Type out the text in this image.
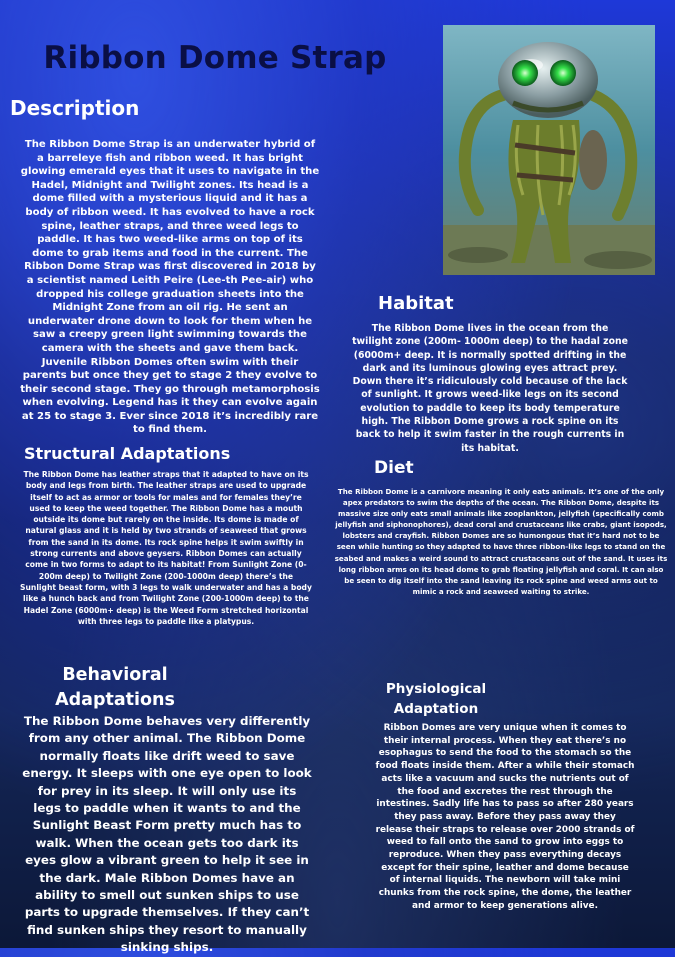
Ribbon Dome Strap
Description

The Ribbon Dome Strap is an underwater hybrid of a barreleye fish and ribbon weed. It has bright glowing emerald eyes that it uses to navigate in the Hadel, Midnight and Twilight zones. Its head is a dome filled with a mysterious liquid and it has a body of ribbon weed. It has evolved to have a rock spine, leather straps, and three weed legs to paddle. It has two weed-like arms on top of its dome to grab items and food in the current. The Ribbon Dome Strap was first discovered in 2018 by a scientist named Leith Peire (Lee-th Pee-air) who dropped his college graduation sheets into the Midnight Zone from an oil rig. He sent an underwater drone down to look for them when he saw a creepy green light swimming towards the camera with the sheets and gave them back. Juvenile Ribbon Domes often swim with their parents but once they get to stage 2 they evolve to their second stage. They go through metamorphosis when evolving. Legend has it they can evolve again at 25 to stage 3. Ever since 2018 it’s incredibly rare to find them.

Habitat

The Ribbon Dome lives in the ocean from the twilight zone (200m- 1000m deep) to the hadal zone (6000m+ deep. It is normally spotted drifting in the dark and its luminous glowing eyes attract prey. Down there it’s ridiculously cold because of the lack of sunlight. It grows weed-like legs on its second evolution to paddle to keep its body temperature high. The Ribbon Dome grows a rock spine on its back to help it swim faster in the rough currents in its habitat.

Structural Adaptations

The Ribbon Dome has leather straps that it adapted to have on its body and legs from birth. The leather straps are used to upgrade itself to act as armor or tools for males and for females they’re used to keep the weed together. The Ribbon Dome has a mouth outside its dome but rarely on the inside. Its dome is made of natural glass and it is held by two strands of seaweed that grows from the sand in its dome. Its rock spine helps it swim swiftly in strong currents and above geysers. Ribbon Domes can actually come in two forms to adapt to its habitat! From Sunlight Zone (0-200m deep) to Twilight Zone (200-1000m deep) there’s the Sunlight beast form, with 3 legs to walk underwater and has a body like a hunch back and from Twilight Zone (200-1000m deep) to the Hadel Zone (6000m+ deep) is the Weed Form stretched horizontal with three legs to paddle like a platypus.

Diet

The Ribbon Dome is a carnivore meaning it only eats animals. It’s one of the only apex predators to swim the depths of the ocean. The Ribbon Dome, despite its massive size only eats small animals like zooplankton, jellyfish (specifically comb jellyfish and siphonophores), dead coral and crustaceans like crabs, giant isopods, lobsters and crayfish. Ribbon Domes are so humongous that it’s hard not to be seen while hunting so they adapted to have three ribbon-like legs to stand on the seabed and makes a weird sound to attract crustaceans out of the sand. It uses its long ribbon arms on its head dome to grab floating jellyfish and coral. It can also be seen to dig itself into the sand leaving its rock spine and weed arms out to mimic a rock and seaweed waiting to strike.

Behavioral
Adaptations

The Ribbon Dome behaves very differently from any other animal. The Ribbon Dome normally floats like drift weed to save energy. It sleeps with one eye open to look for prey in its sleep. It will only use its legs to paddle when it wants to and the Sunlight Beast Form pretty much has to walk. When the ocean gets too dark its eyes glow a vibrant green to help it see in the dark. Male Ribbon Domes have an ability to smell out sunken ships to use parts to upgrade themselves. If they can’t find sunken ships they resort to manually sinking ships.

Physiological
Adaptation

Ribbon Domes are very unique when it comes to their internal process. When they eat there’s no esophagus to send the food to the stomach so the food floats inside them. After a while their stomach acts like a vacuum and sucks the nutrients out of the food and excretes the rest through the intestines. Sadly life has to pass so after 280 years they pass away. Before they pass away they release their straps to release over 2000 strands of weed to fall onto the sand to grow into eggs to reproduce. When they pass everything decays except for their spine, leather and dome because of internal liquids. The newborn will take mini chunks from the rock spine, the dome, the leather and armor to keep generations alive.
